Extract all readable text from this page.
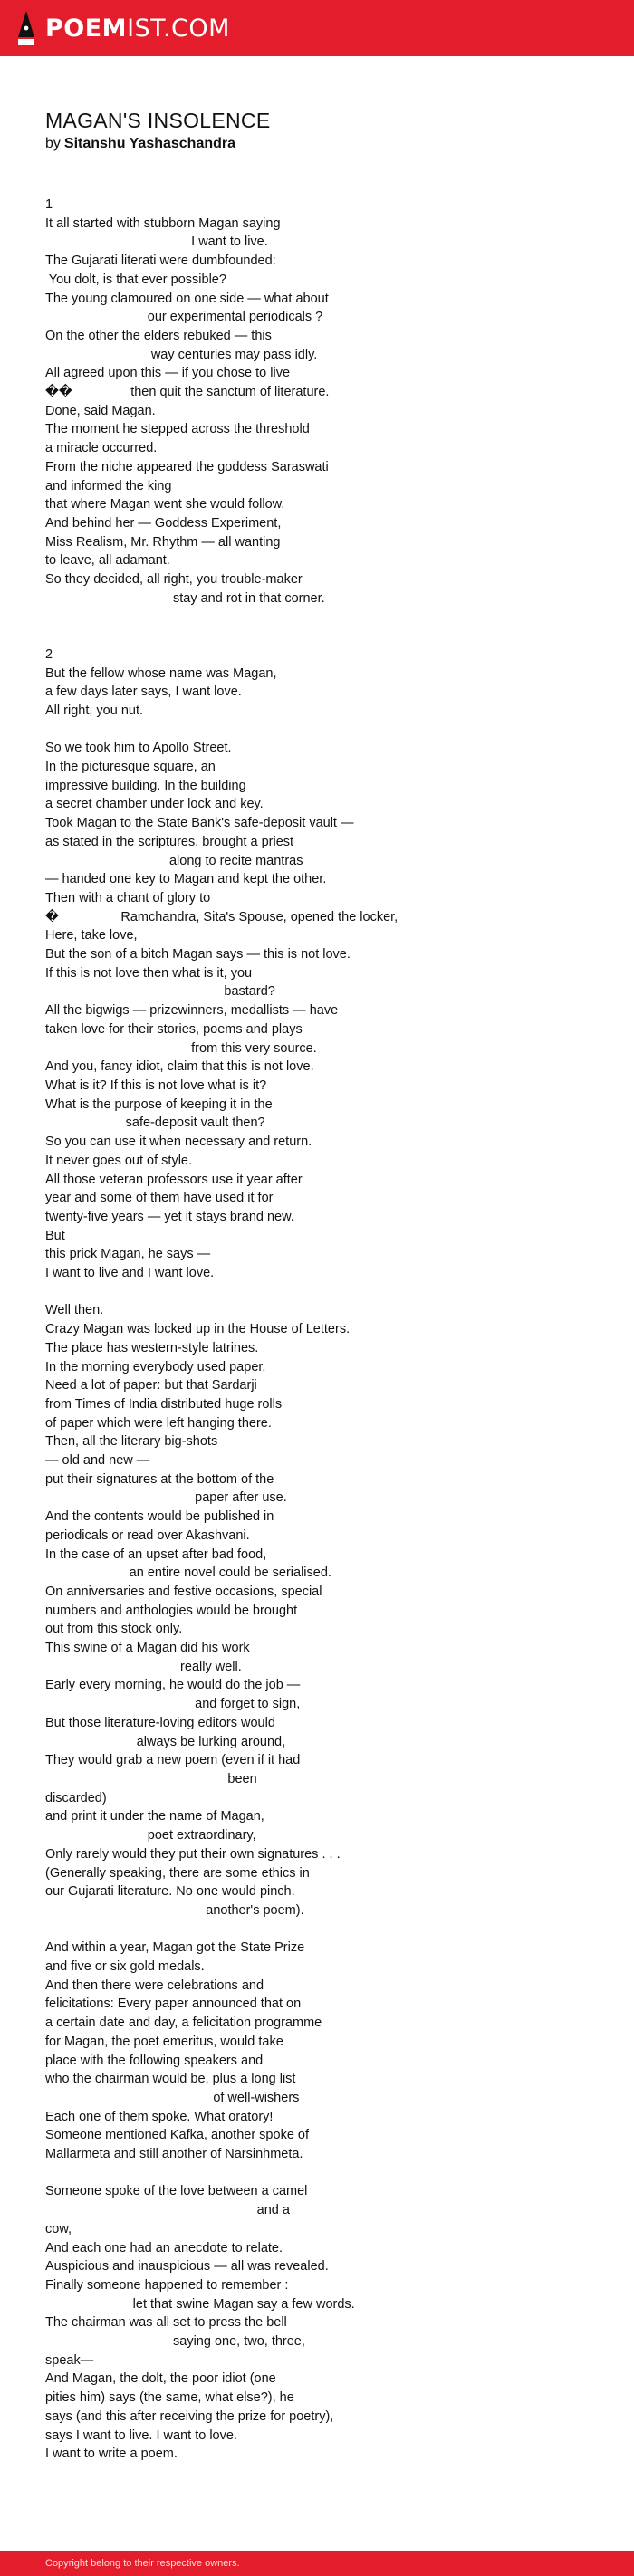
POEMIST.COM
MAGAN'S INSOLENCE

by Sitanshu Yashaschandra

1
It all started with stubborn Magan saying
I want to live.
The Gujarati literati were dumbfounded:
You dolt, is that ever possible?
The young clamoured on one side — what about
our experimental periodicals ?
On the other the elders rebuked — this
way centuries may pass idly.
All agreed upon this — if you chose to live
��                then quit the sanctum of literature.
Done, said Magan.
The moment he stepped across the threshold
a miracle occurred.
From the niche appeared the goddess Saraswati
and informed the king
that where Magan went she would follow.
And behind her — Goddess Experiment,
Miss Realism, Mr. Rhythm — all wanting
to leave, all adamant.
So they decided, all right, you trouble-maker
stay and rot in that corner.
2
But the fellow whose name was Magan,
a few days later says, I want love.
All right, you nut.
So we took him to Apollo Street.
In the picturesque square, an
impressive building. In the building
a secret chamber under lock and key.
Took Magan to the State Bank's safe-deposit vault —
as stated in the scriptures, brought a priest
along to recite mantras
— handed one key to Magan and kept the other.
Then with a chant of glory to
�                 Ramchandra, Sita's Spouse, opened the locker,
Here, take love,
But the son of a bitch Magan says — this is not love.
If this is not love then what is it, you
bastard?
All the bigwigs — prizewinners, medallists — have
taken love for their stories, poems and plays
from this very source.
And you, fancy idiot, claim that this is not love.
What is it? If this is not love what is it?
What is the purpose of keeping it in the
safe-deposit vault then?
So you can use it when necessary and return.
It never goes out of style.
All those veteran professors use it year after
year and some of them have used it for
twenty-five years — yet it stays brand new.
But
this prick Magan, he says —
I want to live and I want love.
Well then.
Crazy Magan was locked up in the House of Letters.
The place has western-style latrines.
In the morning everybody used paper.
Need a lot of paper: but that Sardarji
from Times of India distributed huge rolls
of paper which were left hanging there.
Then, all the literary big-shots
— old and new —
put their signatures at the bottom of the
paper after use.
And the contents would be published in
periodicals or read over Akashvani.
In the case of an upset after bad food,
an entire novel could be serialised.
On anniversaries and festive occasions, special
numbers and anthologies would be brought
out from this stock only.
This swine of a Magan did his work
really well.
Early every morning, he would do the job —
and forget to sign,
But those literature-loving editors would
always be lurking around,
They would grab a new poem (even if it had
been
discarded)
and print it under the name of Magan,
poet extraordinary,
Only rarely would they put their own signatures . . .
(Generally speaking, there are some ethics in
our Gujarati literature. No one would pinch.
another's poem).
And within a year, Magan got the State Prize
and five or six gold medals.
And then there were celebrations and
felicitations: Every paper announced that on
a certain date and day, a felicitation programme
for Magan, the poet emeritus, would take
place with the following speakers and
who the chairman would be, plus a long list
of well-wishers
Each one of them spoke. What oratory!
Someone mentioned Kafka, another spoke of
Mallarmeta and still another of Narsinhmeta.
Someone spoke of the love between a camel
and a
cow,
And each one had an anecdote to relate.
Auspicious and inauspicious — all was revealed.
Finally someone happened to remember :
let that swine Magan say a few words.
The chairman was all set to press the bell
saying one, two, three,
speak—
And Magan, the dolt, the poor idiot (one
pities him) says (the same, what else?), he
says (and this after receiving the prize for poetry),
says I want to live. I want to love.
I want to write a poem.
Copyright belong to their respective owners.
